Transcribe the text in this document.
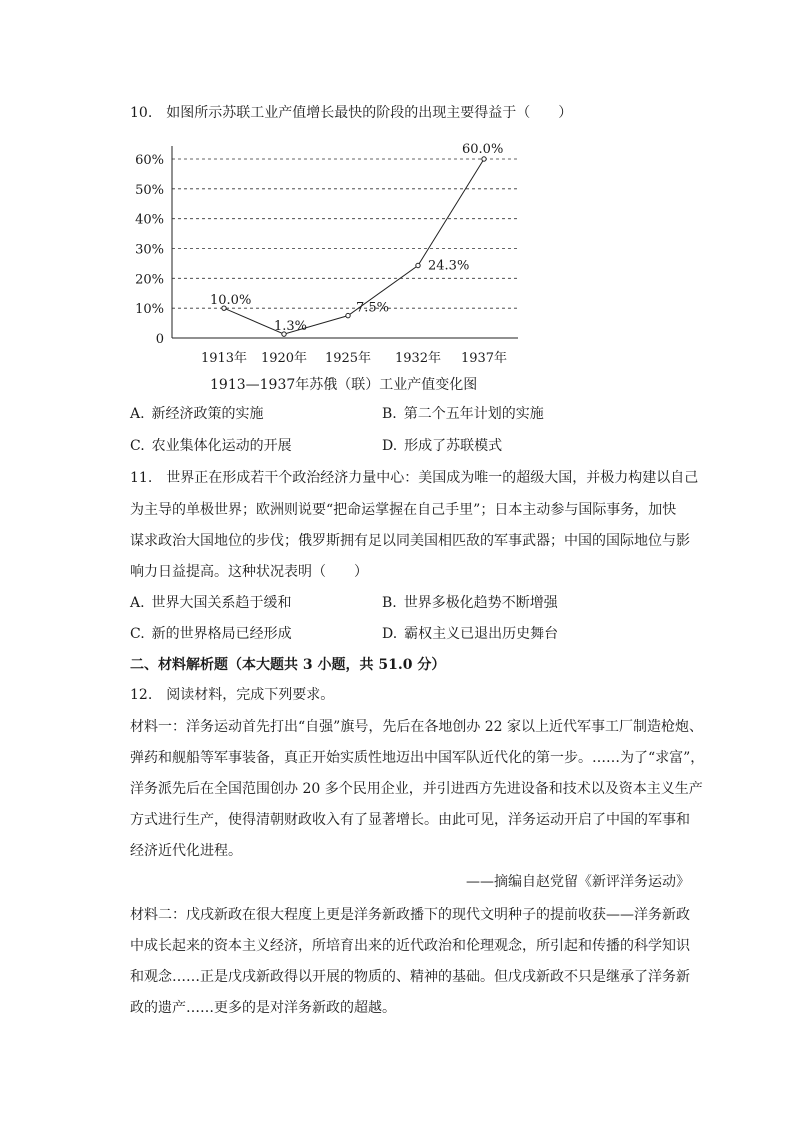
10.　如图所示苏联工业产值增长最快的阶段的出现主要得益于（　　）
0
10%
20%
30%
40%
50%
60%
1913年 1920年 1925年 1932年 1937年
10.0%
1.3%
7.5%
24.3%
60.0%
1913—1937年苏俄（联）工业产值变化图
A. 新经济政策的实施	B. 第二个五年计划的实施
C. 农业集体化运动的开展	D. 形成了苏联模式
11.　世界正在形成若干个政治经济力量中心：美国成为唯一的超级大国，并极力构建以自己
为主导的单极世界；欧洲则说要“把命运掌握在自己手里”；日本主动参与国际事务，加快
谋求政治大国地位的步伐；俄罗斯拥有足以同美国相匹敌的军事武器；中国的国际地位与影
响力日益提高。这种状况表明（　　）
A. 世界大国关系趋于缓和	B. 世界多极化趋势不断增强
C. 新的世界格局已经形成	D. 霸权主义已退出历史舞台
二、材料解析题（本大题共 3 小题，共 51.0 分）
12.　阅读材料，完成下列要求。
材料一：洋务运动首先打出“自强”旗号，先后在各地创办 22 家以上近代军事工厂制造枪炮、
弹药和舰船等军事装备，真正开始实质性地迈出中国军队近代化的第一步。……为了“求富”，
洋务派先后在全国范围创办 20 多个民用企业，并引进西方先进设备和技术以及资本主义生产
方式进行生产，使得清朝财政收入有了显著增长。由此可见，洋务运动开启了中国的军事和
经济近代化进程。
——摘编自赵党留《新评洋务运动》
材料二：戊戌新政在很大程度上更是洋务新政播下的现代文明种子的提前收获——洋务新政
中成长起来的资本主义经济，所培育出来的近代政治和伦理观念，所引起和传播的科学知识
和观念……正是戊戌新政得以开展的物质的、精神的基础。但戊戌新政不只是继承了洋务新
政的遗产……更多的是对洋务新政的超越。
